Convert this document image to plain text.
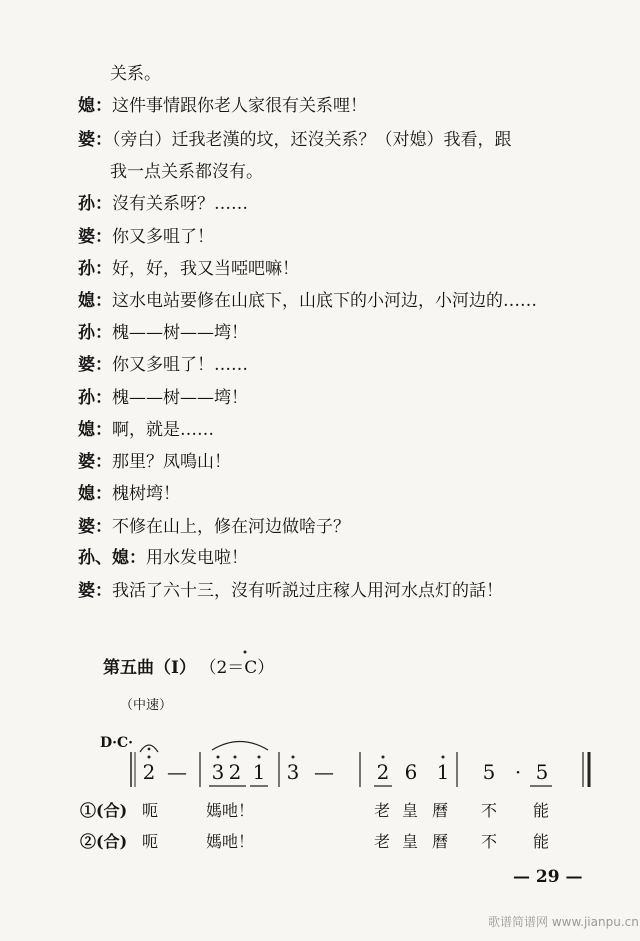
关系。
媳：这件事情跟你老人家很有关系哩！
婆：（旁白）迁我老漢的坟，还沒关系？（对媳）我看，跟
我一点关系都沒有。
孙：沒有关系呀？……
婆：你又多咀了！
孙：好，好，我又当啞吧嘛！
媳：这水电站要修在山底下，山底下的小河边，小河边的……
孙：槐——树——塆！
婆：你又多咀了！……
孙：槐——树——塆！
媳：啊，就是……
婆：那里？凤鳴山！
媳：槐树塆！
婆：不修在山上，修在河边做啥子？
孙、媳：用水发电啦！
婆：我活了六十三，沒有听説过庄稼人用河水点灯的話！
第五曲（Ⅰ） （2＝C）
（中速）
D·C·
2 —	3 2 1 3 —	2 6 1 5 · 5
①(合) 呃	媽吔！	老 皇 曆 不 能
②(合) 呃	媽吔！	老 皇 曆 不 能
— 29 —
歌谱简谱网 www.jianpu.cn
